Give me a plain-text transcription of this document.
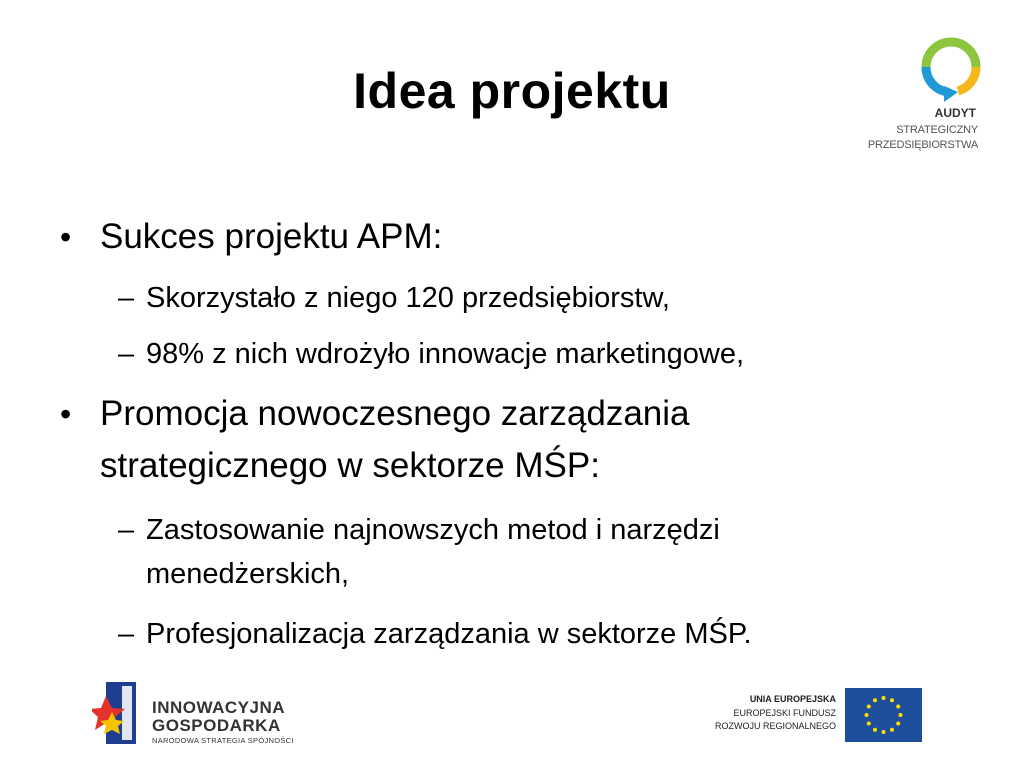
Idea projektu	AUDYT
STRATEGICZNY
PRZEDSIĘBIORSTWA
• Sukces projektu APM:
– Skorzystało z niego 120 przedsiębiorstw,
– 98% z nich wdrożyło innowacje marketingowe,
• Promocja nowoczesnego zarządzania strategicznego w sektorze MŚP:
– Zastosowanie najnowszych metod i narzędzi menedżerskich,
– Profesjonalizacja zarządzania w sektorze MŚP.
INNOWACYJNA
GOSPODARKA
NARODOWA STRATEGIA SPÓJNOŚCI
UNIA EUROPEJSKA
EUROPEJSKI FUNDUSZ
ROZWOJU REGIONALNEGO
